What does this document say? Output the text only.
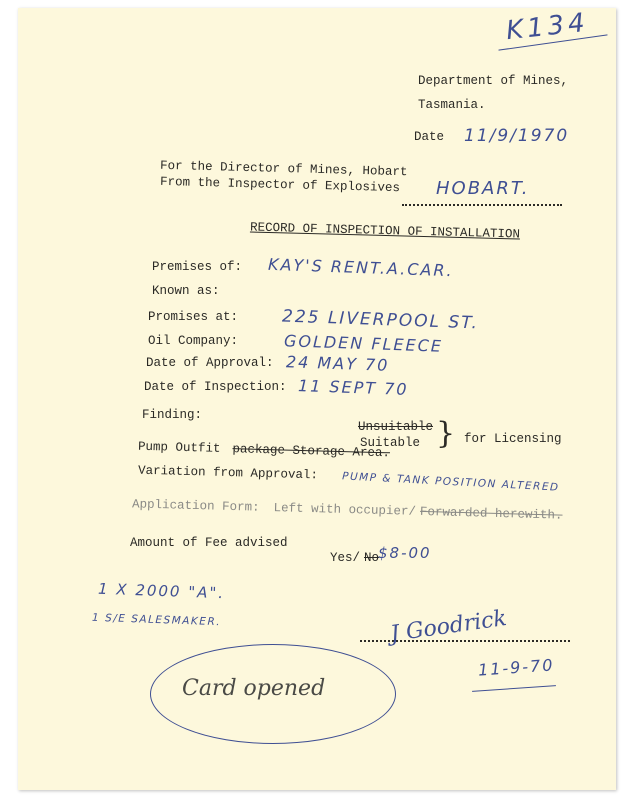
K134
Department of Mines,
Tasmania.
Date 11/9/1970
For the Director of Mines, Hobart
From the Inspector of Explosives HOBART.
RECORD OF INSPECTION OF INSTALLATION
Premises of: KAY'S RENT.A.CAR.
Known as:
Promises at:	225 LIVERPOOL ST.
Oil Company:	GOLDEN FLEECE
Date of Approval: 24 MAY 70
Date of Inspection: 11 SEPT 70
Finding:
Unsuitable
Suitable } for Licensing
Pump Outfit package Storage Area.
Variation from Approval: PUMP & TANK POSITION ALTERED
Application Form: Left with occupier/ Forwarded herewith.
Amount of Fee advised
Yes/ No
$8-00
1 X 2000 "A".
1 S/E SALESMAKER.	J Goodrick
11-9-70
Card opened
